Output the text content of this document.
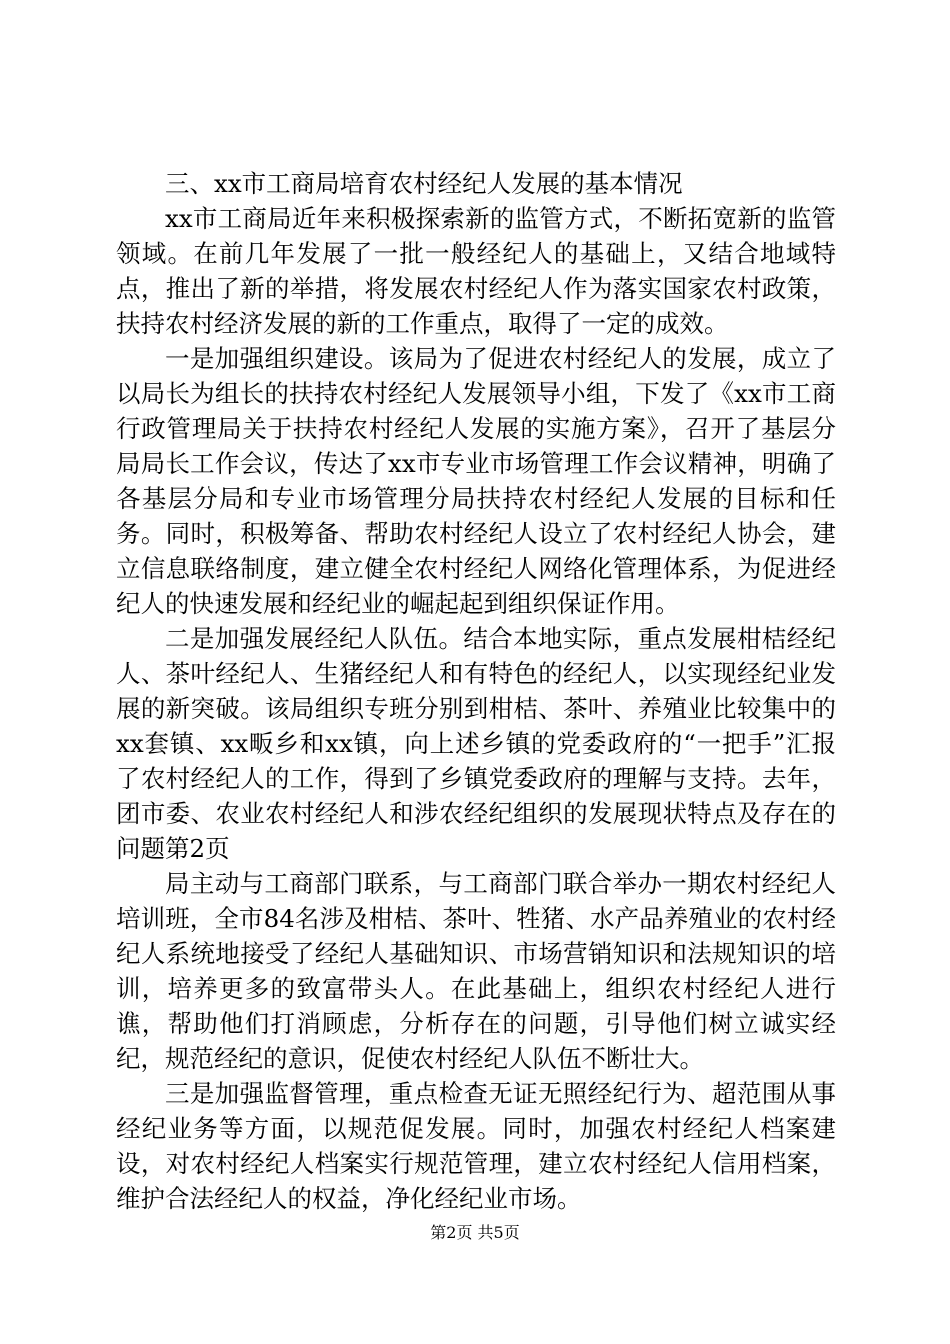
三、xx市工商局培育农村经纪人发展的基本情况

xx市工商局近年来积极探索新的监管方式，不断拓宽新的监管领域。在前几年发展了一批一般经纪人的基础上，又结合地域特点，推出了新的举措，将发展农村经纪人作为落实国家农村政策，扶持农村经济发展的新的工作重点，取得了一定的成效。

一是加强组织建设。该局为了促进农村经纪人的发展，成立了以局长为组长的扶持农村经纪人发展领导小组，下发了《xx市工商行政管理局关于扶持农村经纪人发展的实施方案》，召开了基层分局局长工作会议，传达了xx市专业市场管理工作会议精神，明确了各基层分局和专业市场管理分局扶持农村经纪人发展的目标和任务。同时，积极筹备、帮助农村经纪人设立了农村经纪人协会，建立信息联络制度，建立健全农村经纪人网络化管理体系，为促进经纪人的快速发展和经纪业的崛起起到组织保证作用。

二是加强发展经纪人队伍。结合本地实际，重点发展柑桔经纪人、茶叶经纪人、生猪经纪人和有特色的经纪人，以实现经纪业发展的新突破。该局组织专班分别到柑桔、茶叶、养殖业比较集中的xx套镇、xx畈乡和xx镇，向上述乡镇的党委政府的“一把手”汇报了农村经纪人的工作，得到了乡镇党委政府的理解与支持。去年，团市委、农业农村经纪人和涉农经纪组织的发展现状特点及存在的问题第2页

局主动与工商部门联系，与工商部门联合举办一期农村经纪人培训班，全市84名涉及柑桔、茶叶、牲猪、水产品养殖业的农村经纪人系统地接受了经纪人基础知识、市场营销知识和法规知识的培训，培养更多的致富带头人。在此基础上，组织农村经纪人进行谯，帮助他们打消顾虑，分析存在的问题，引导他们树立诚实经纪，规范经纪的意识，促使农村经纪人队伍不断壮大。

三是加强监督管理，重点检查无证无照经纪行为、超范围从事经纪业务等方面，以规范促发展。同时，加强农村经纪人档案建设，对农村经纪人档案实行规范管理，建立农村经纪人信用档案，维护合法经纪人的权益，净化经纪业市场。

第2页 共5页
